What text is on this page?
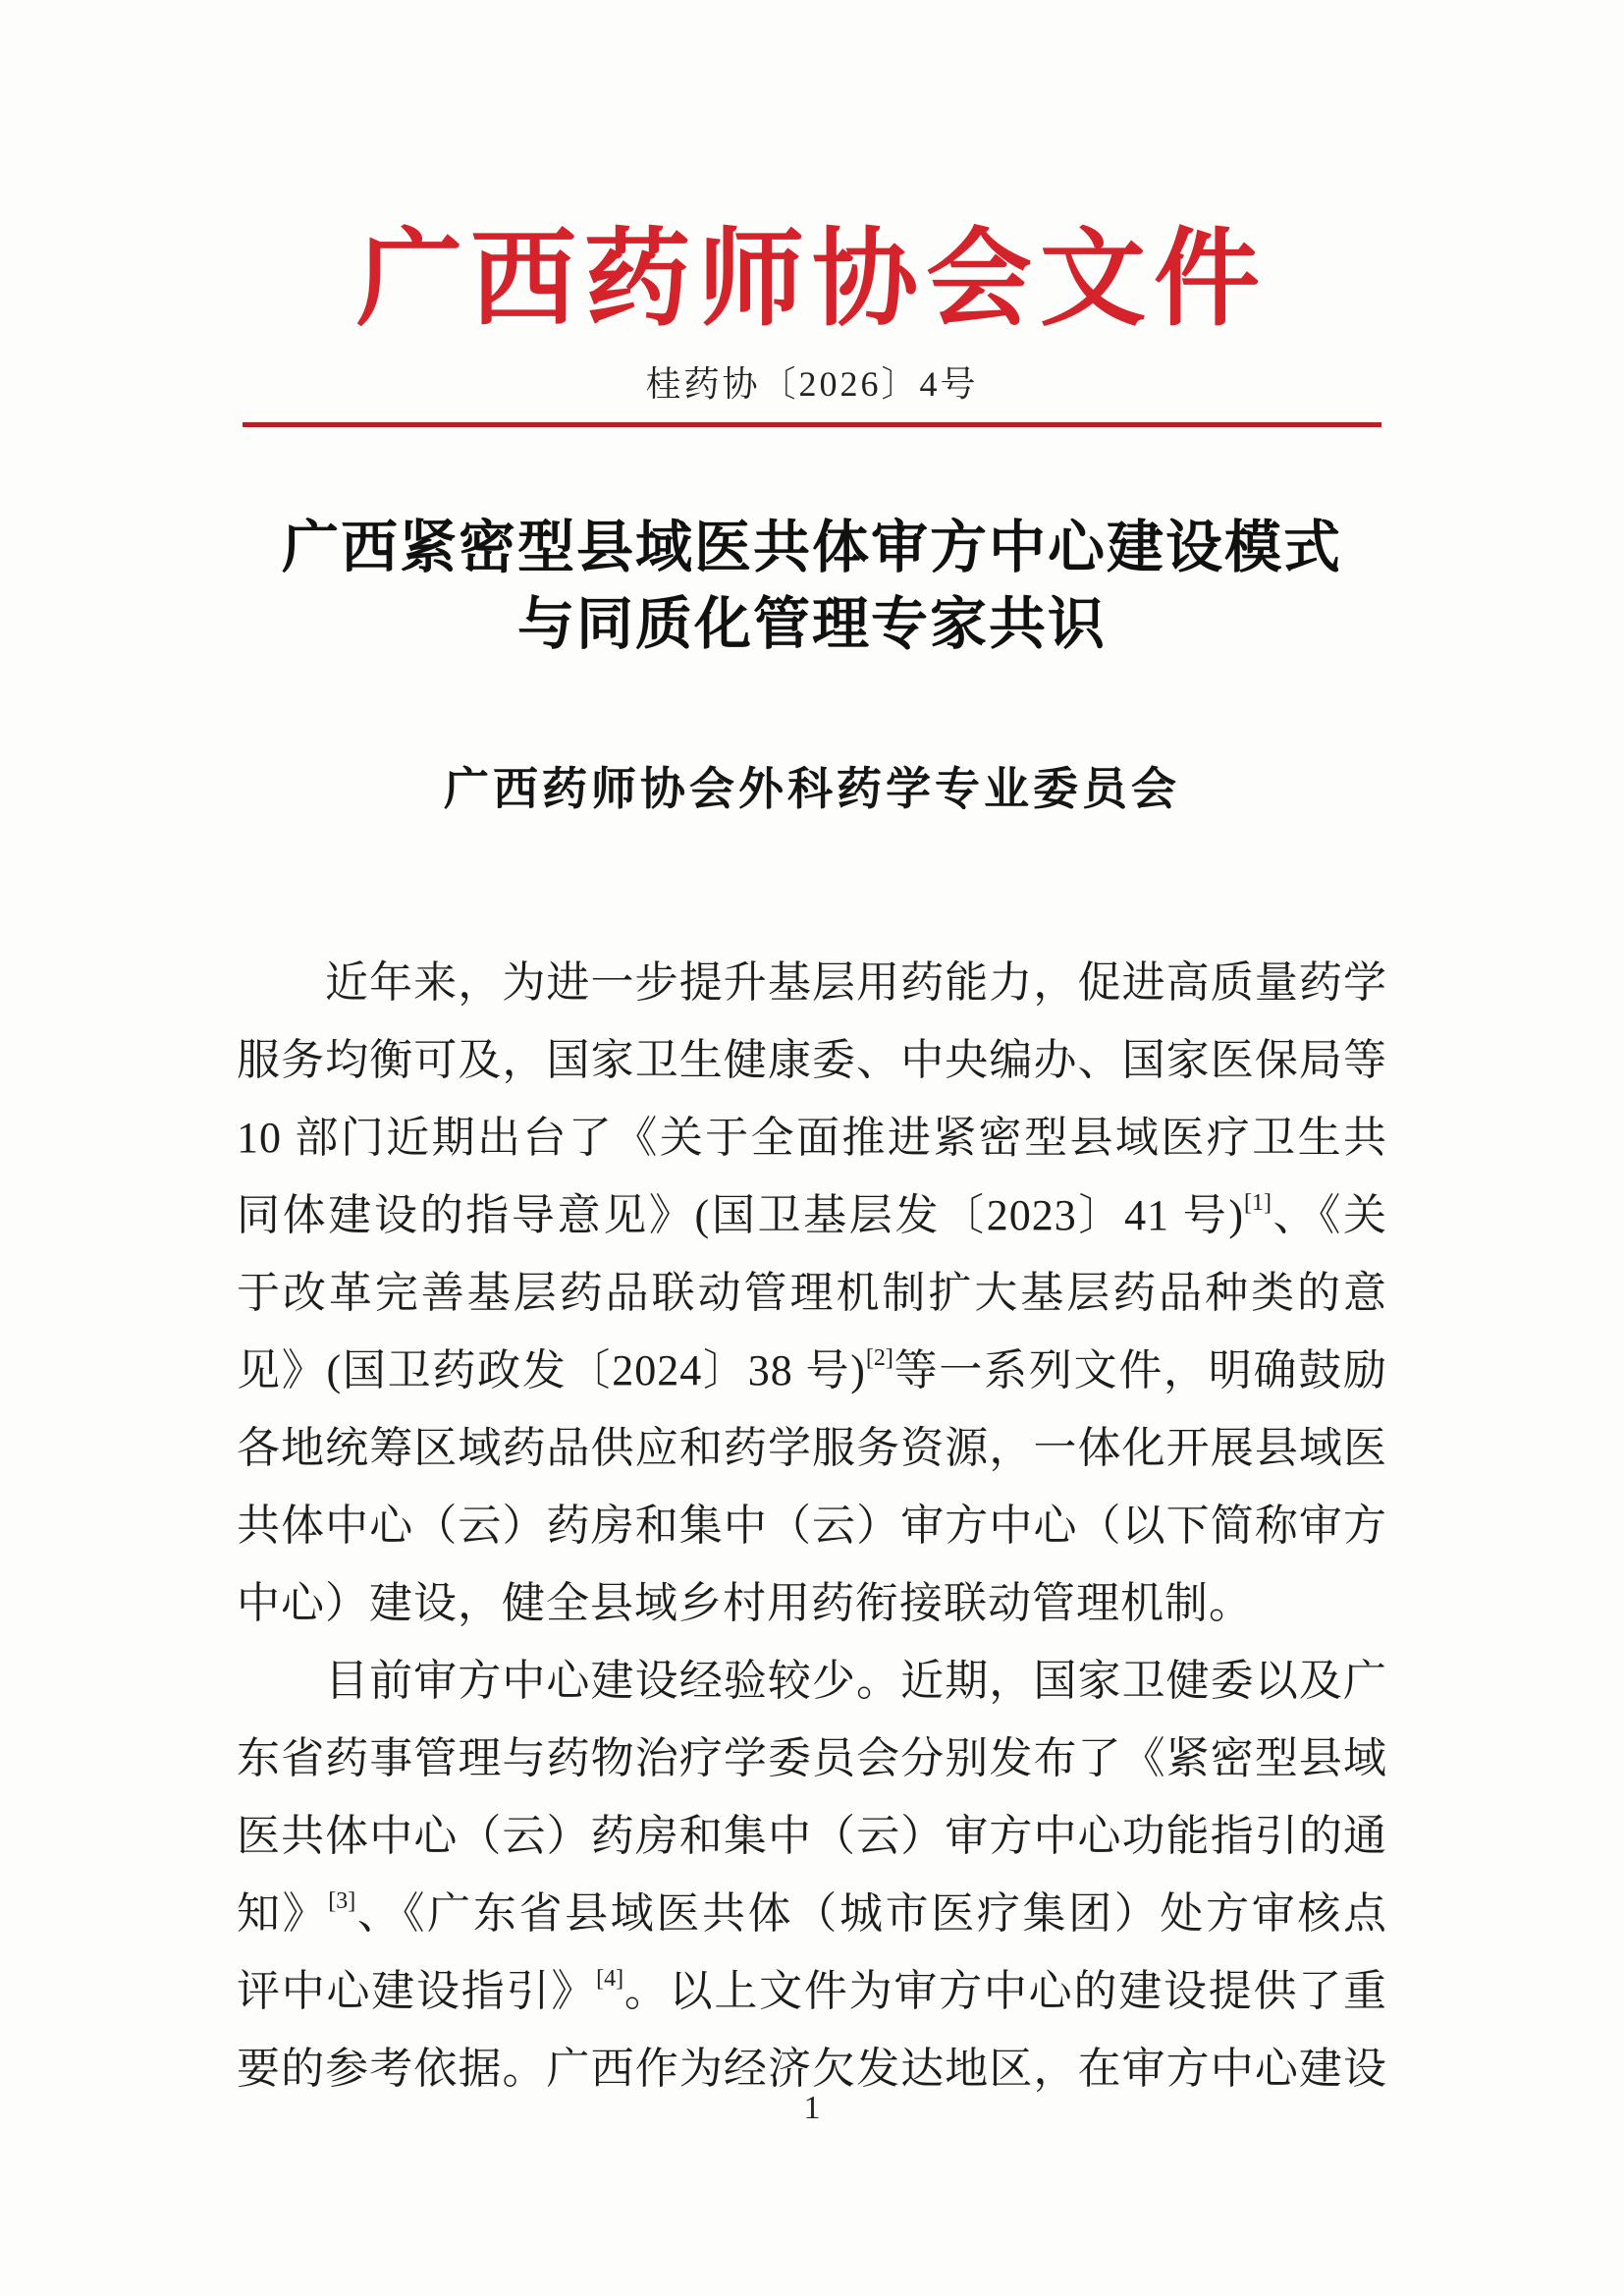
广西药师协会文件
桂药协〔2026〕4号
广西紧密型县域医共体审方中心建设模式
与同质化管理专家共识
广西药师协会外科药学专业委员会
近年来，为进一步提升基层用药能力，促进高质量药学
服务均衡可及，国家卫生健康委、中央编办、国家医保局等
10 部门近期出台了《关于全面推进紧密型县域医疗卫生共
同体建设的指导意见》(国卫基层发〔2023〕41 号)[1]、《关
于改革完善基层药品联动管理机制扩大基层药品种类的意
见》(国卫药政发〔2024〕38 号)[2]等一系列文件，明确鼓励
各地统筹区域药品供应和药学服务资源，一体化开展县域医
共体中心（云）药房和集中（云）审方中心（以下简称审方
中心）建设，健全县域乡村用药衔接联动管理机制。
目前审方中心建设经验较少。近期，国家卫健委以及广
东省药事管理与药物治疗学委员会分别发布了《紧密型县域
医共体中心（云）药房和集中（云）审方中心功能指引的通
知》[3]、《广东省县域医共体（城市医疗集团）处方审核点
评中心建设指引》[4]。以上文件为审方中心的建设提供了重
要的参考依据。广西作为经济欠发达地区，在审方中心建设
1
